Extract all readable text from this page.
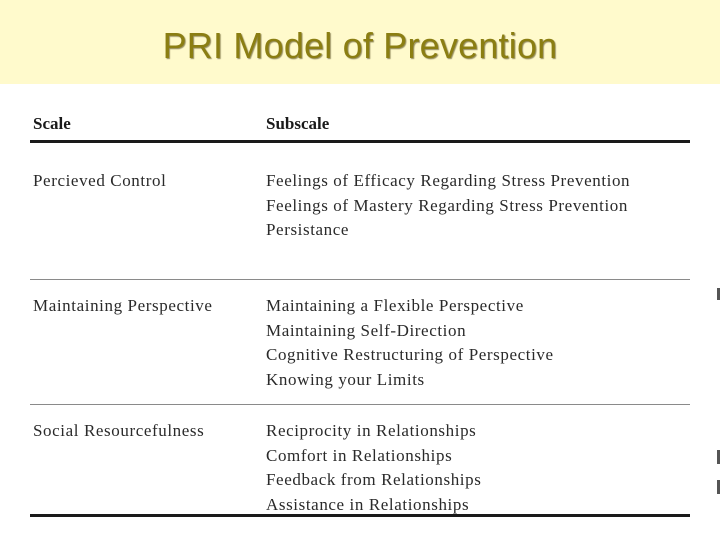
PRI Model of Prevention
Scale	Subscale
Percieved Control	Feelings of Efficacy Regarding Stress Prevention
Feelings of Mastery Regarding Stress Prevention
Persistance
Maintaining Perspective	Maintaining a Flexible Perspective
Maintaining Self-Direction
Cognitive Restructuring of Perspective
Knowing your Limits
Social Resourcefulness	Reciprocity in Relationships
Comfort in Relationships
Feedback from Relationships
Assistance in Relationships
